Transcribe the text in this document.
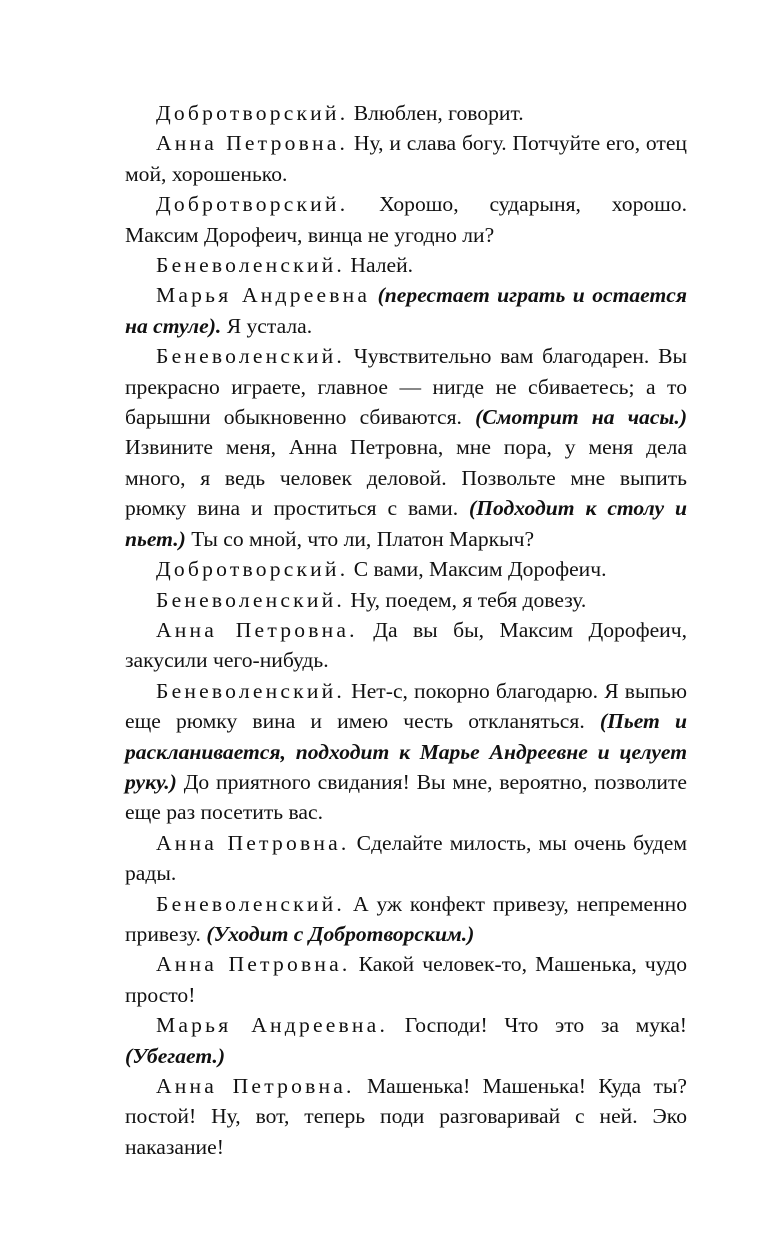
Добротворский. Влюблен, говорит.

Анна Петровна. Ну, и слава богу. Потчуйте его, отец мой, хорошенько.

Добротворский. Хорошо, сударыня, хорошо. Максим Дорофеич, винца не угодно ли?

Беневоленский. Налей.

Марья Андреевна (перестает играть и остается на стуле). Я устала.

Беневоленский. Чувствительно вам благодарен. Вы прекрасно играете, главное — нигде не сбиваетесь; а то барышни обыкновенно сбиваются. (Смотрит на часы.) Извините меня, Анна Петровна, мне пора, у меня дела много, я ведь человек деловой. Позвольте мне выпить рюмку вина и проститься с вами. (Подходит к столу и пьет.) Ты со мной, что ли, Платон Маркыч?

Добротворский. С вами, Максим Дорофеич.

Беневоленский. Ну, поедем, я тебя довезу.

Анна Петровна. Да вы бы, Максим Дорофеич, закусили чего-нибудь.

Беневоленский. Нет-с, покорно благодарю. Я выпью еще рюмку вина и имею честь откланяться. (Пьет и раскланивается, подходит к Марье Андреевне и целует руку.) До приятного свидания! Вы мне, вероятно, позволите еще раз посетить вас.

Анна Петровна. Сделайте милость, мы очень будем рады.

Беневоленский. А уж конфект привезу, непременно привезу. (Уходит с Добротворским.)

Анна Петровна. Какой человек-то, Машенька, чудо просто!

Марья Андреевна. Господи! Что это за мука! (Убегает.)

Анна Петровна. Машенька! Машенька! Куда ты? постой! Ну, вот, теперь поди разговаривай с ней. Эко наказание!
